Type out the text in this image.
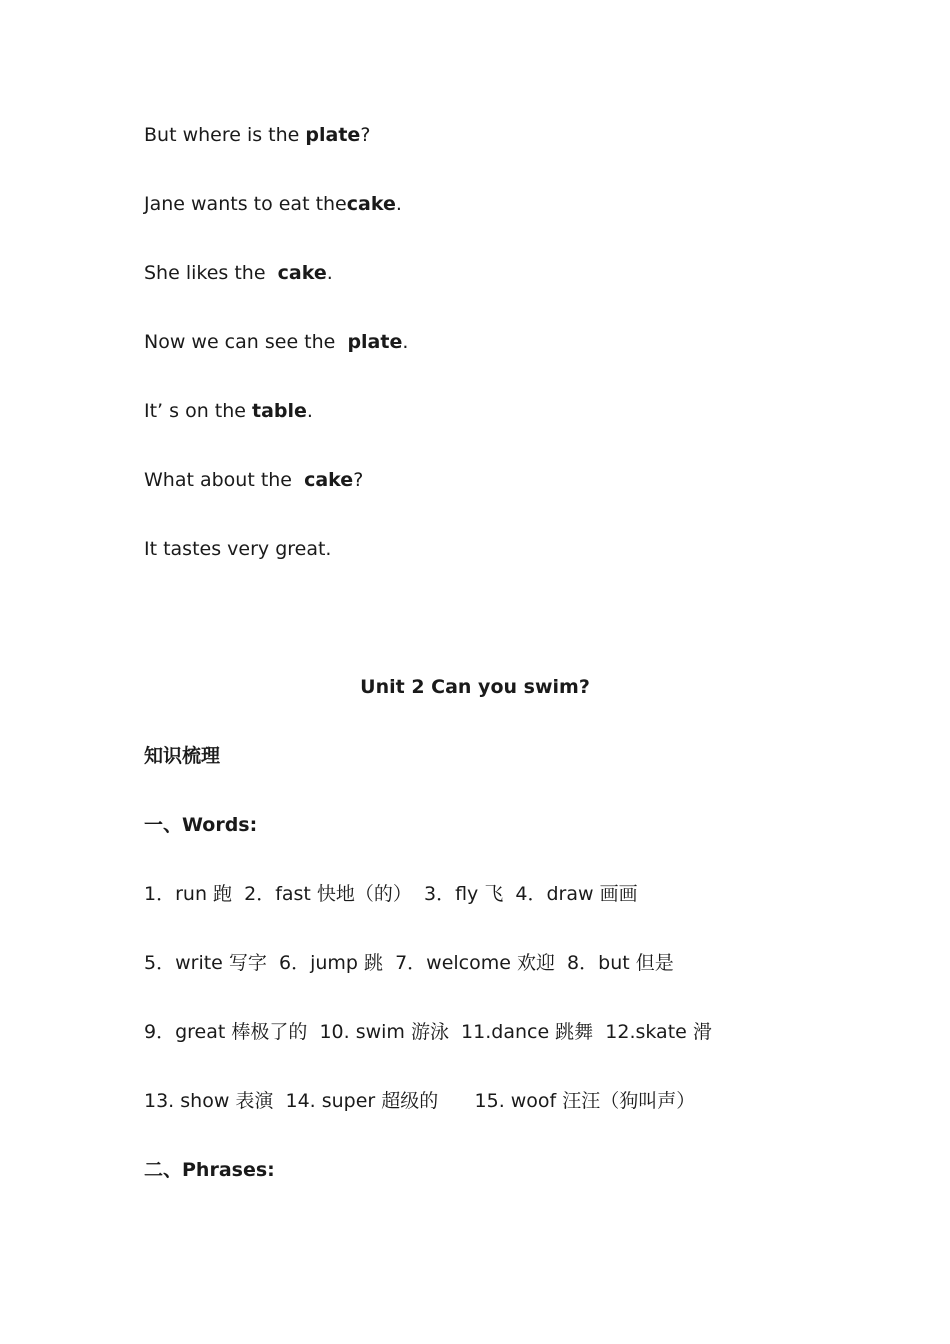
But where is the plate?
Jane wants to eat thecake.
She likes the  cake.
Now we can see the  plate.
It’ s on the table.
What about the  cake?
It tastes very great.
Unit 2 Can you swim?
知识梳理
一、Words:
1．run 跑  2．fast 快地（的）  3．fly 飞  4．draw 画画
5．write 写字  6．jump 跳  7．welcome 欢迎  8．but 但是
9．great 棒极了的  10. swim 游泳  11.dance 跳舞  12.skate 滑
13. show 表演  14. super 超级的      15. woof 汪汪（狗叫声）
二、Phrases:
